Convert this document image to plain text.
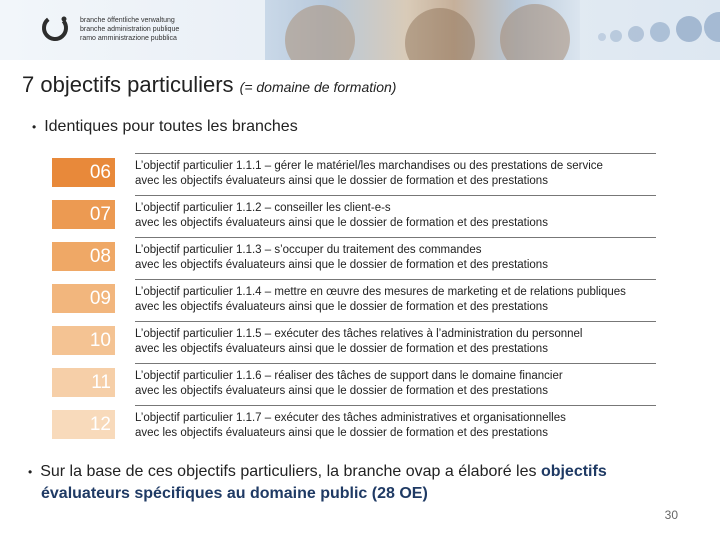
branche öffentliche verwaltung
branche administration publique
ramo amministrazione pubblica
7 objectifs particuliers (= domaine de formation)
• Identiques pour toutes les branches
06	L’objectif particulier 1.1.1 – gérer le matériel/les marchandises ou des prestations de service
avec les objectifs évaluateurs ainsi que le dossier de formation et des prestations
07	L’objectif particulier 1.1.2 – conseiller les client-e-s
avec les objectifs évaluateurs ainsi que le dossier de formation et des prestations
08	L’objectif particulier 1.1.3 – s’occuper du traitement des commandes
avec les objectifs évaluateurs ainsi que le dossier de formation et des prestations
09	L’objectif particulier 1.1.4 – mettre en œuvre des mesures de marketing et de relations publiques
avec les objectifs évaluateurs ainsi que le dossier de formation et des prestations
10	L’objectif particulier 1.1.5 – exécuter des tâches relatives à l’administration du personnel
avec les objectifs évaluateurs ainsi que le dossier de formation et des prestations
11	L’objectif particulier 1.1.6 – réaliser des tâches de support dans le domaine financier
avec les objectifs évaluateurs ainsi que le dossier de formation et des prestations
12	L’objectif particulier 1.1.7 – exécuter des tâches administratives et organisationnelles
avec les objectifs évaluateurs ainsi que le dossier de formation et des prestations
• Sur la base de ces objectifs particuliers, la branche ovap a élaboré les objectifs
évaluateurs spécifiques au domaine public (28 OE)
30
